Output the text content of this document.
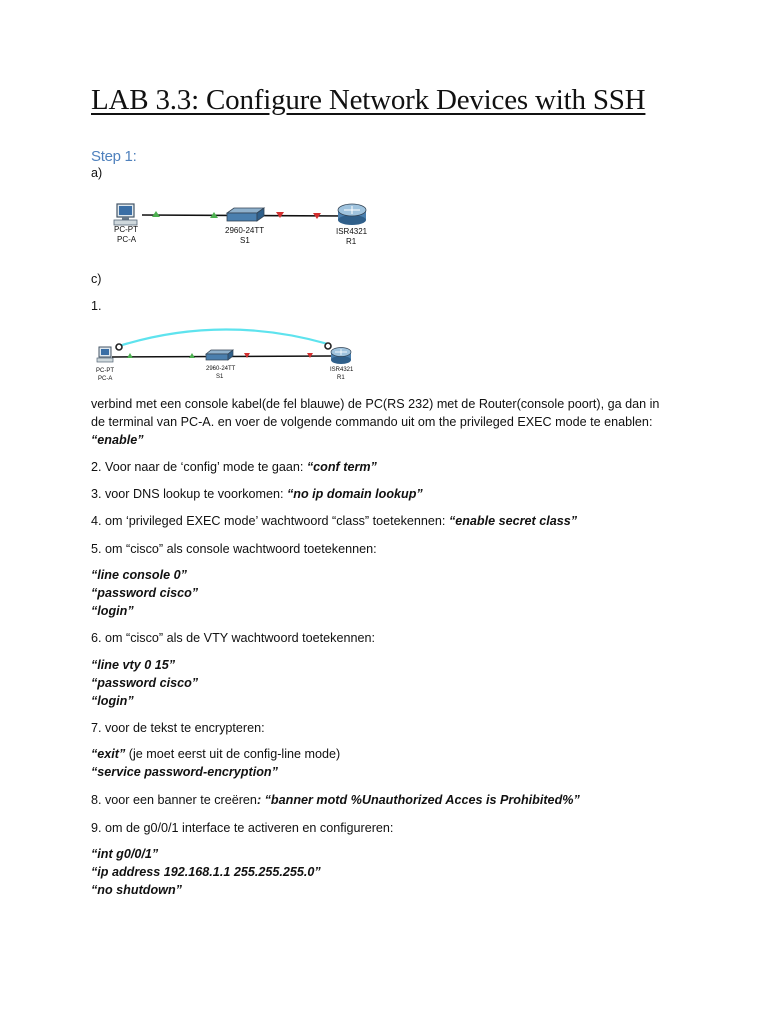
LAB 3.3: Configure Network Devices with SSH
Step 1:
a)
PC-PT
PC-A
2960-24TT
S1
ISR4321
R1
c)
1.
PC-PT
PC-A
2960-24TT
S1
ISR4321
R1
verbind met een console kabel(de fel blauwe) de PC(RS 232) met de Router(console poort), ga dan in
de terminal van PC-A. en voer de volgende commando uit om the privileged EXEC mode te enablen:
“enable”
2. Voor naar de ‘config’ mode te gaan: “conf term”
3. voor DNS lookup te voorkomen: “no ip domain lookup”
4. om ‘privileged EXEC mode’ wachtwoord “class” toetekennen: “enable secret class”
5. om “cisco” als console wachtwoord toetekennen:
“line console 0”
“password cisco”
“login”
6. om “cisco” als de VTY wachtwoord toetekennen:
“line vty 0 15”
“password cisco”
“login”
7. voor de tekst te encrypteren:
“exit” (je moet eerst uit de config-line mode)
“service password-encryption”
8. voor een banner te creëren: “banner motd %Unauthorized Acces is Prohibited%”
9. om de g0/0/1 interface te activeren en configureren:
“int g0/0/1”
“ip address 192.168.1.1 255.255.255.0”
“no shutdown”
